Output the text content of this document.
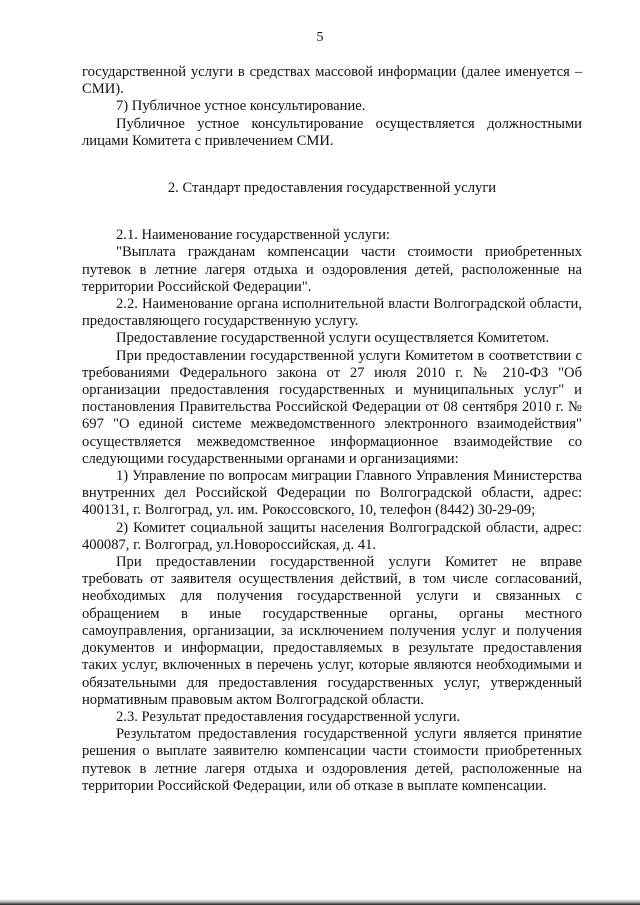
5

государственной услуги в средствах массовой информации (далее именуется – СМИ).

7) Публичное устное консультирование.

Публичное устное консультирование осуществляется должностными лицами Комитета с привлечением СМИ.

2. Стандарт предоставления государственной услуги

2.1. Наименование государственной услуги:

"Выплата гражданам компенсации части стоимости приобретенных путевок в летние лагеря отдыха и оздоровления детей, расположенные на территории Российской Федерации".

2.2. Наименование органа исполнительной власти Волгоградской области, предоставляющего государственную услугу.

Предоставление государственной услуги осуществляется Комитетом.

При предоставлении государственной услуги Комитетом в соответствии с требованиями Федерального закона от 27 июля 2010 г. № 210-ФЗ "Об организации предоставления государственных и муниципальных услуг" и постановления Правительства Российской Федерации от 08 сентября 2010 г. № 697 "О единой системе межведомственного электронного взаимодействия" осуществляется межведомственное информационное взаимодействие со следующими государственными органами и организациями:

1) Управление по вопросам миграции Главного Управления Министерства внутренних дел Российской Федерации по Волгоградской области, адрес: 400131, г. Волгоград, ул. им. Рокоссовского, 10, телефон (8442) 30-29-09;

2) Комитет социальной защиты населения Волгоградской области, адрес: 400087, г. Волгоград, ул.Новороссийская, д. 41.

При предоставлении государственной услуги Комитет не вправе требовать от заявителя осуществления действий, в том числе согласований, необходимых для получения государственной услуги и связанных с обращением в иные государственные органы, органы местного самоуправления, организации, за исключением получения услуг и получения документов и информации, предоставляемых в результате предоставления таких услуг, включенных в перечень услуг, которые являются необходимыми и обязательными для предоставления государственных услуг, утвержденный нормативным правовым актом Волгоградской области.

2.3. Результат предоставления государственной услуги.

Результатом предоставления государственной услуги является принятие решения о выплате заявителю компенсации части стоимости приобретенных путевок в летние лагеря отдыха и оздоровления детей, расположенные на территории Российской Федерации, или об отказе в выплате компенсации.
